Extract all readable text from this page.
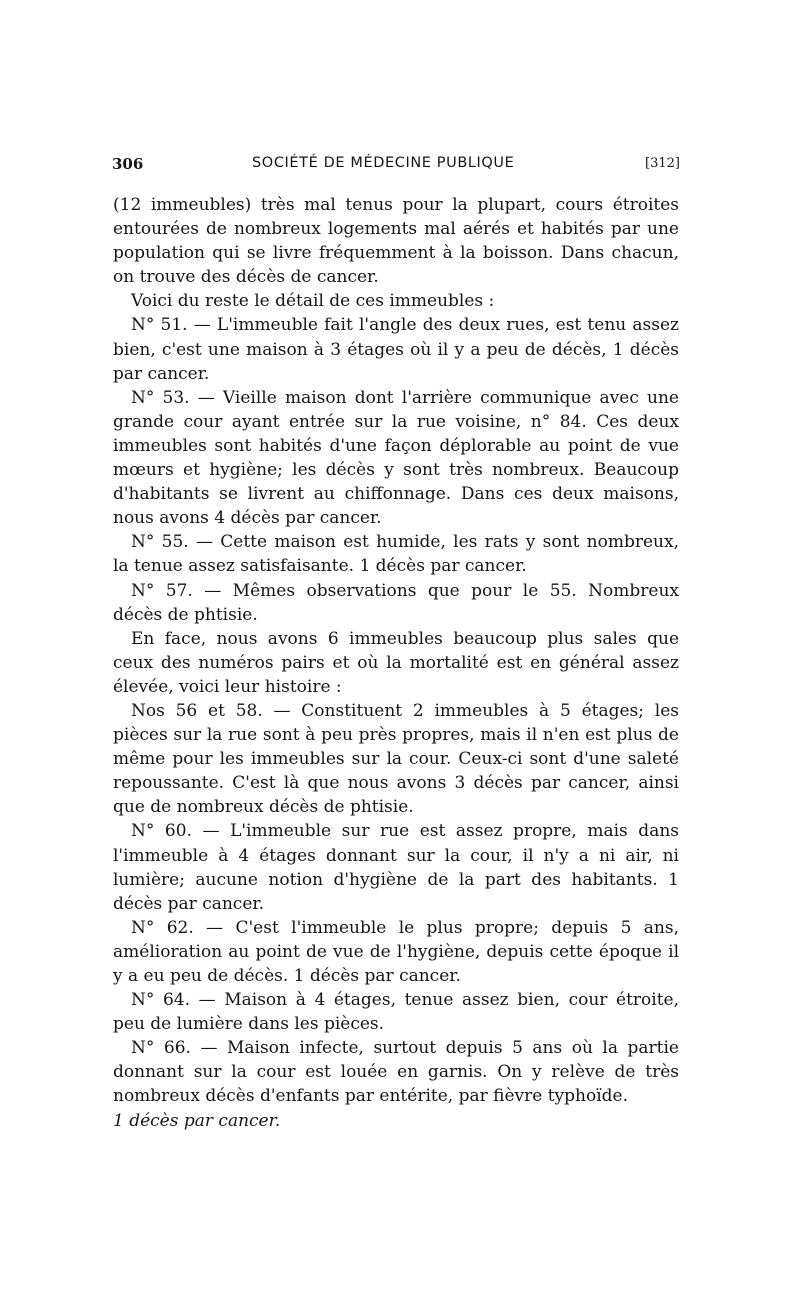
306	SOCIÉTÉ DE MÉDECINE PUBLIQUE	[312]

(12 immeubles) très mal tenus pour la plupart, cours étroites entourées de nombreux logements mal aérés et habités par une population qui se livre fréquemment à la boisson. Dans chacun, on trouve des décès de cancer.

Voici du reste le détail de ces immeubles :

N° 51. — L'immeuble fait l'angle des deux rues, est tenu assez bien, c'est une maison à 3 étages où il y a peu de décès, 1 décès par cancer.

N° 53. — Vieille maison dont l'arrière communique avec une grande cour ayant entrée sur la rue voisine, n° 84. Ces deux immeubles sont habités d'une façon déplorable au point de vue mœurs et hygiène; les décès y sont très nombreux. Beaucoup d'habitants se livrent au chiffonnage. Dans ces deux maisons, nous avons 4 décès par cancer.

N° 55. — Cette maison est humide, les rats y sont nombreux, la tenue assez satisfaisante. 1 décès par cancer.

N° 57. — Mêmes observations que pour le 55. Nombreux décès de phtisie.

En face, nous avons 6 immeubles beaucoup plus sales que ceux des numéros pairs et où la mortalité est en général assez élevée, voici leur histoire :

Nos 56 et 58. — Constituent 2 immeubles à 5 étages; les pièces sur la rue sont à peu près propres, mais il n'en est plus de même pour les immeubles sur la cour. Ceux-ci sont d'une saleté repoussante. C'est là que nous avons 3 décès par cancer, ainsi que de nombreux décès de phtisie.

N° 60. — L'immeuble sur rue est assez propre, mais dans l'immeuble à 4 étages donnant sur la cour, il n'y a ni air, ni lumière; aucune notion d'hygiène de la part des habitants. 1 décès par cancer.

N° 62. — C'est l'immeuble le plus propre; depuis 5 ans, amélioration au point de vue de l'hygiène, depuis cette époque il y a eu peu de décès. 1 décès par cancer.

N° 64. — Maison à 4 étages, tenue assez bien, cour étroite, peu de lumière dans les pièces.

N° 66. — Maison infecte, surtout depuis 5 ans où la partie donnant sur la cour est louée en garnis. On y relève de très nombreux décès d'enfants par entérite, par fièvre typhoïde.

1 décès par cancer.
